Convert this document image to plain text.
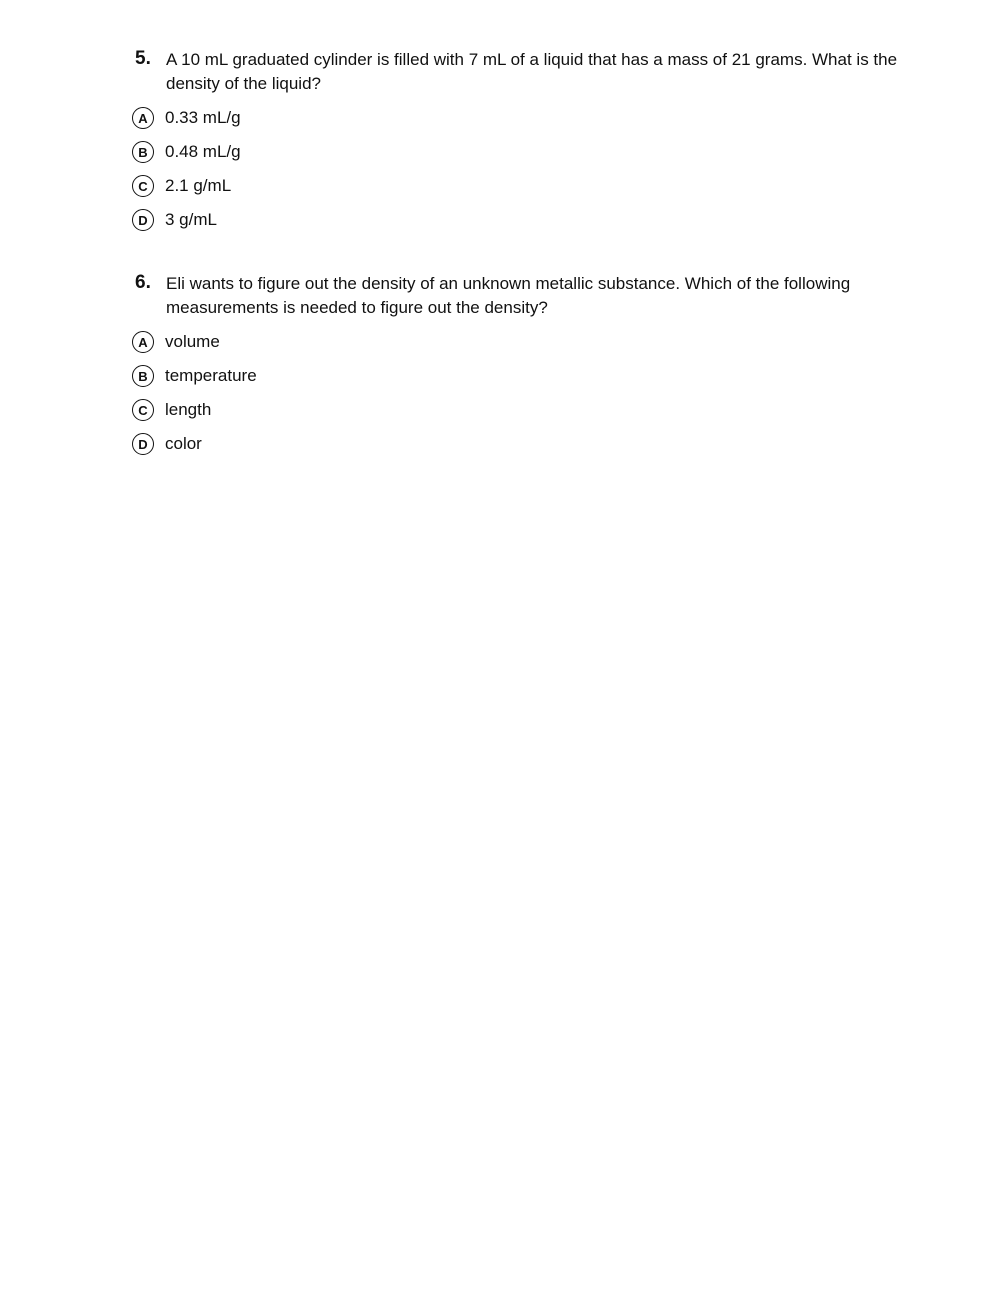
5. A 10 mL graduated cylinder is filled with 7 mL of a liquid that has a mass of 21 grams. What is the density of the liquid?
A	0.33 mL/g
B	0.48 mL/g
C	2.1 g/mL
D	3 g/mL
6. Eli wants to figure out the density of an unknown metallic substance. Which of the following measurements is needed to figure out the density?
A	volume
B	temperature
C	length
D	color
